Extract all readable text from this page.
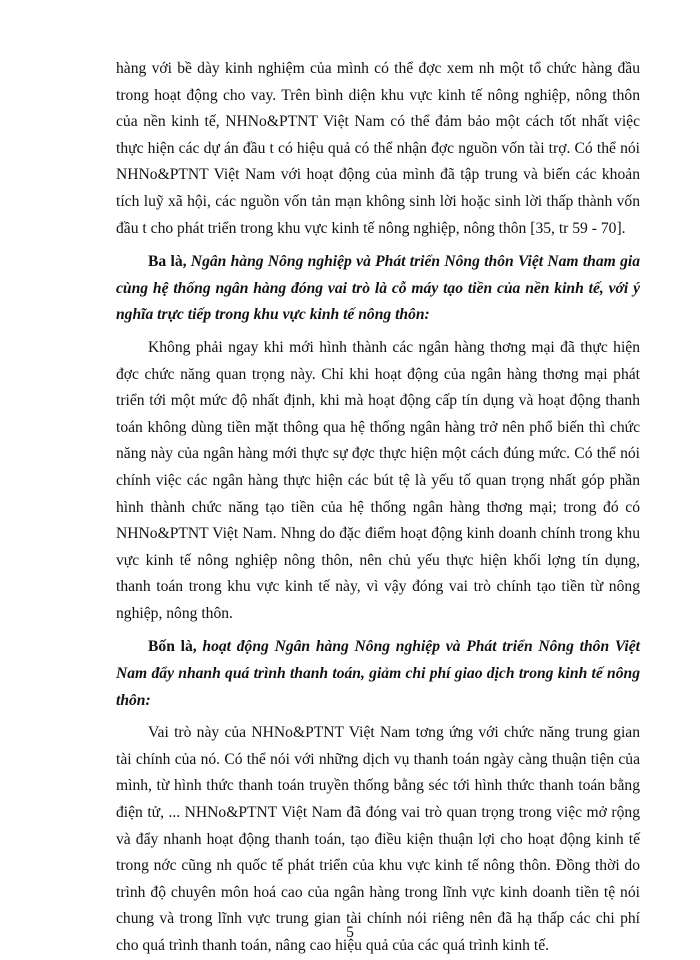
hàng với bề dày kinh nghiệm của mình có thể đợc xem nh một tổ chức hàng đầu trong hoạt động cho vay. Trên bình diện khu vực kinh tế nông nghiệp, nông thôn của nền kinh tế, NHNo&PTNT Việt Nam có thể đảm bảo một cách tốt nhất việc thực hiện các dự án đầu t có hiệu quả có thể nhận đợc nguồn vốn tài trợ. Có thể nói NHNo&PTNT Việt Nam với hoạt động của mình đã tập trung và biến các khoản tích luỹ xã hội, các nguồn vốn tản mạn không sinh lời hoặc sinh lời thấp thành vốn đầu t cho phát triển trong khu vực kinh tế nông nghiệp, nông thôn [35, tr 59 - 70].

Ba là, Ngân hàng Nông nghiệp và Phát triển Nông thôn Việt Nam tham gia cùng hệ thống ngân hàng đóng vai trò là cỗ máy tạo tiền của nền kinh tế, với ý nghĩa trực tiếp trong khu vực kinh tế nông thôn:

Không phải ngay khi mới hình thành các ngân hàng thơng mại đã thực hiện đợc chức năng quan trọng này. Chỉ khi hoạt động của ngân hàng thơng mại phát triển tới một mức độ nhất định, khi mà hoạt động cấp tín dụng và hoạt động thanh toán không dùng tiền mặt thông qua hệ thống ngân hàng trở nên phổ biến thì chức năng này của ngân hàng mới thực sự đợc thực hiện một cách đúng mức. Có thể nói chính việc các ngân hàng thực hiện các bút tệ là yếu tố quan trọng nhất góp phần hình thành chức năng tạo tiền của hệ thống ngân hàng thơng mại; trong đó có NHNo&PTNT Việt Nam. Nhng do đặc điểm hoạt động kinh doanh chính trong khu vực kinh tế nông nghiệp nông thôn, nên chủ yếu thực hiện khối lợng tín dụng, thanh toán trong khu vực kinh tế này, vì vậy đóng vai trò chính tạo tiền từ nông nghiệp, nông thôn.

Bốn là, hoạt động Ngân hàng Nông nghiệp và Phát triển Nông thôn Việt Nam đẩy nhanh quá trình thanh toán, giảm chi phí giao dịch trong kinh tế nông thôn:

Vai trò này của NHNo&PTNT Việt Nam tơng ứng với chức năng trung gian tài chính của nó. Có thể nói với những dịch vụ thanh toán ngày càng thuận tiện của mình, từ hình thức thanh toán truyền thống bằng séc tới hình thức thanh toán bằng điện tử, ... NHNo&PTNT Việt Nam đã đóng vai trò quan trọng trong việc mở rộng và đẩy nhanh hoạt động thanh toán, tạo điều kiện thuận lợi cho hoạt động kinh tế trong nớc cũng nh quốc tế phát triển của khu vực kinh tế nông thôn. Đồng thời do trình độ chuyên môn hoá cao của ngân hàng trong lĩnh vực kinh doanh tiền tệ nói chung và trong lĩnh vực trung gian tài chính nói riêng nên đã hạ thấp các chi phí cho quá trình thanh toán, nâng cao hiệu quả của các quá trình kinh tế.

5
